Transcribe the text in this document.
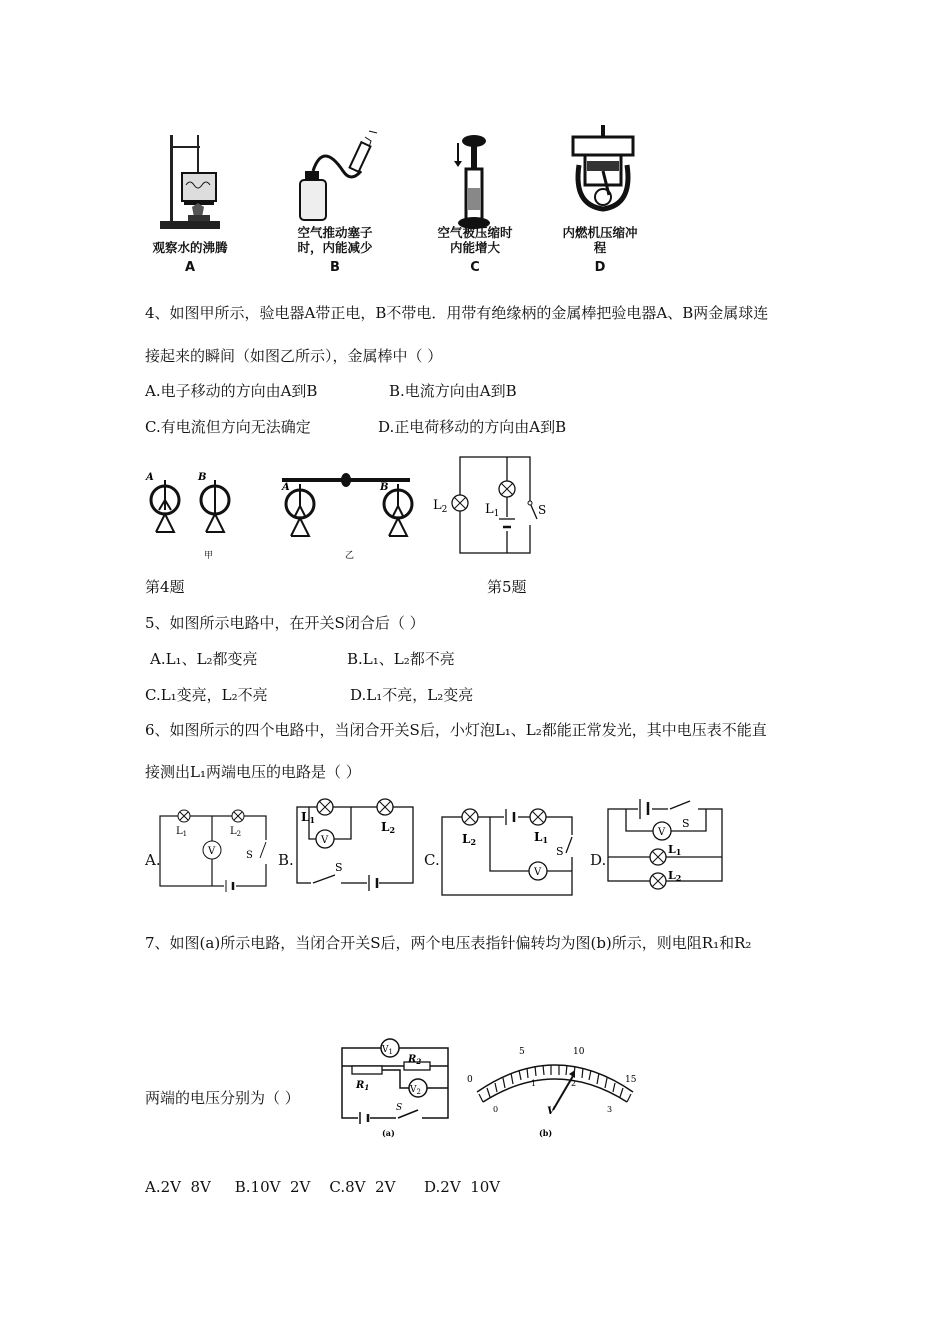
观察水的沸腾
A
空气推动塞子时，内能减少
B
空气被压缩时内能增大
C
内燃机压缩冲程
D
4、如图甲所示，验电器A带正电，B不带电．用带有绝缘柄的金属棒把验电器A、B两金属球连
接起来的瞬间（如图乙所示），金属棒中（ ）
A.电子移动的方向由A到B	B.电流方向由A到B
C.有电流但方向无法确定	D.正电荷移动的方向由A到B
A	B
甲
A	B
乙
$L_2$	$L_1$	S
第4题	第5题
5、如图所示电路中，在开关S闭合后（ ）
A.L₁、L₂都变亮	B.L₁、L₂都不亮
C.L₁变亮，L₂不亮	D.L₁不亮，L₂变亮
6、如图所示的四个电路中，当闭合开关S后，小灯泡L₁、L₂都能正常发光，其中电压表不能直
接测出L₁两端电压的电路是（ ）
A.	V
$L_1$	$L_2$
S B.
V
L1	L2
S	C.
V
L2	L1
S D.
V
S
L1
L2
7、如图(a)所示电路，当闭合开关S后，两个电压表指针偏转均为图(b)所示，则电阻R₁和R₂
两端的电压分别为（ ）
$V_1$
$V_2$
$R_2$
$R_1$
S
(a)
0
5	10
15
0
1	2
3
V
(b)
A.2V  8V     B.10V  2V    C.8V  2V      D.2V  10V
